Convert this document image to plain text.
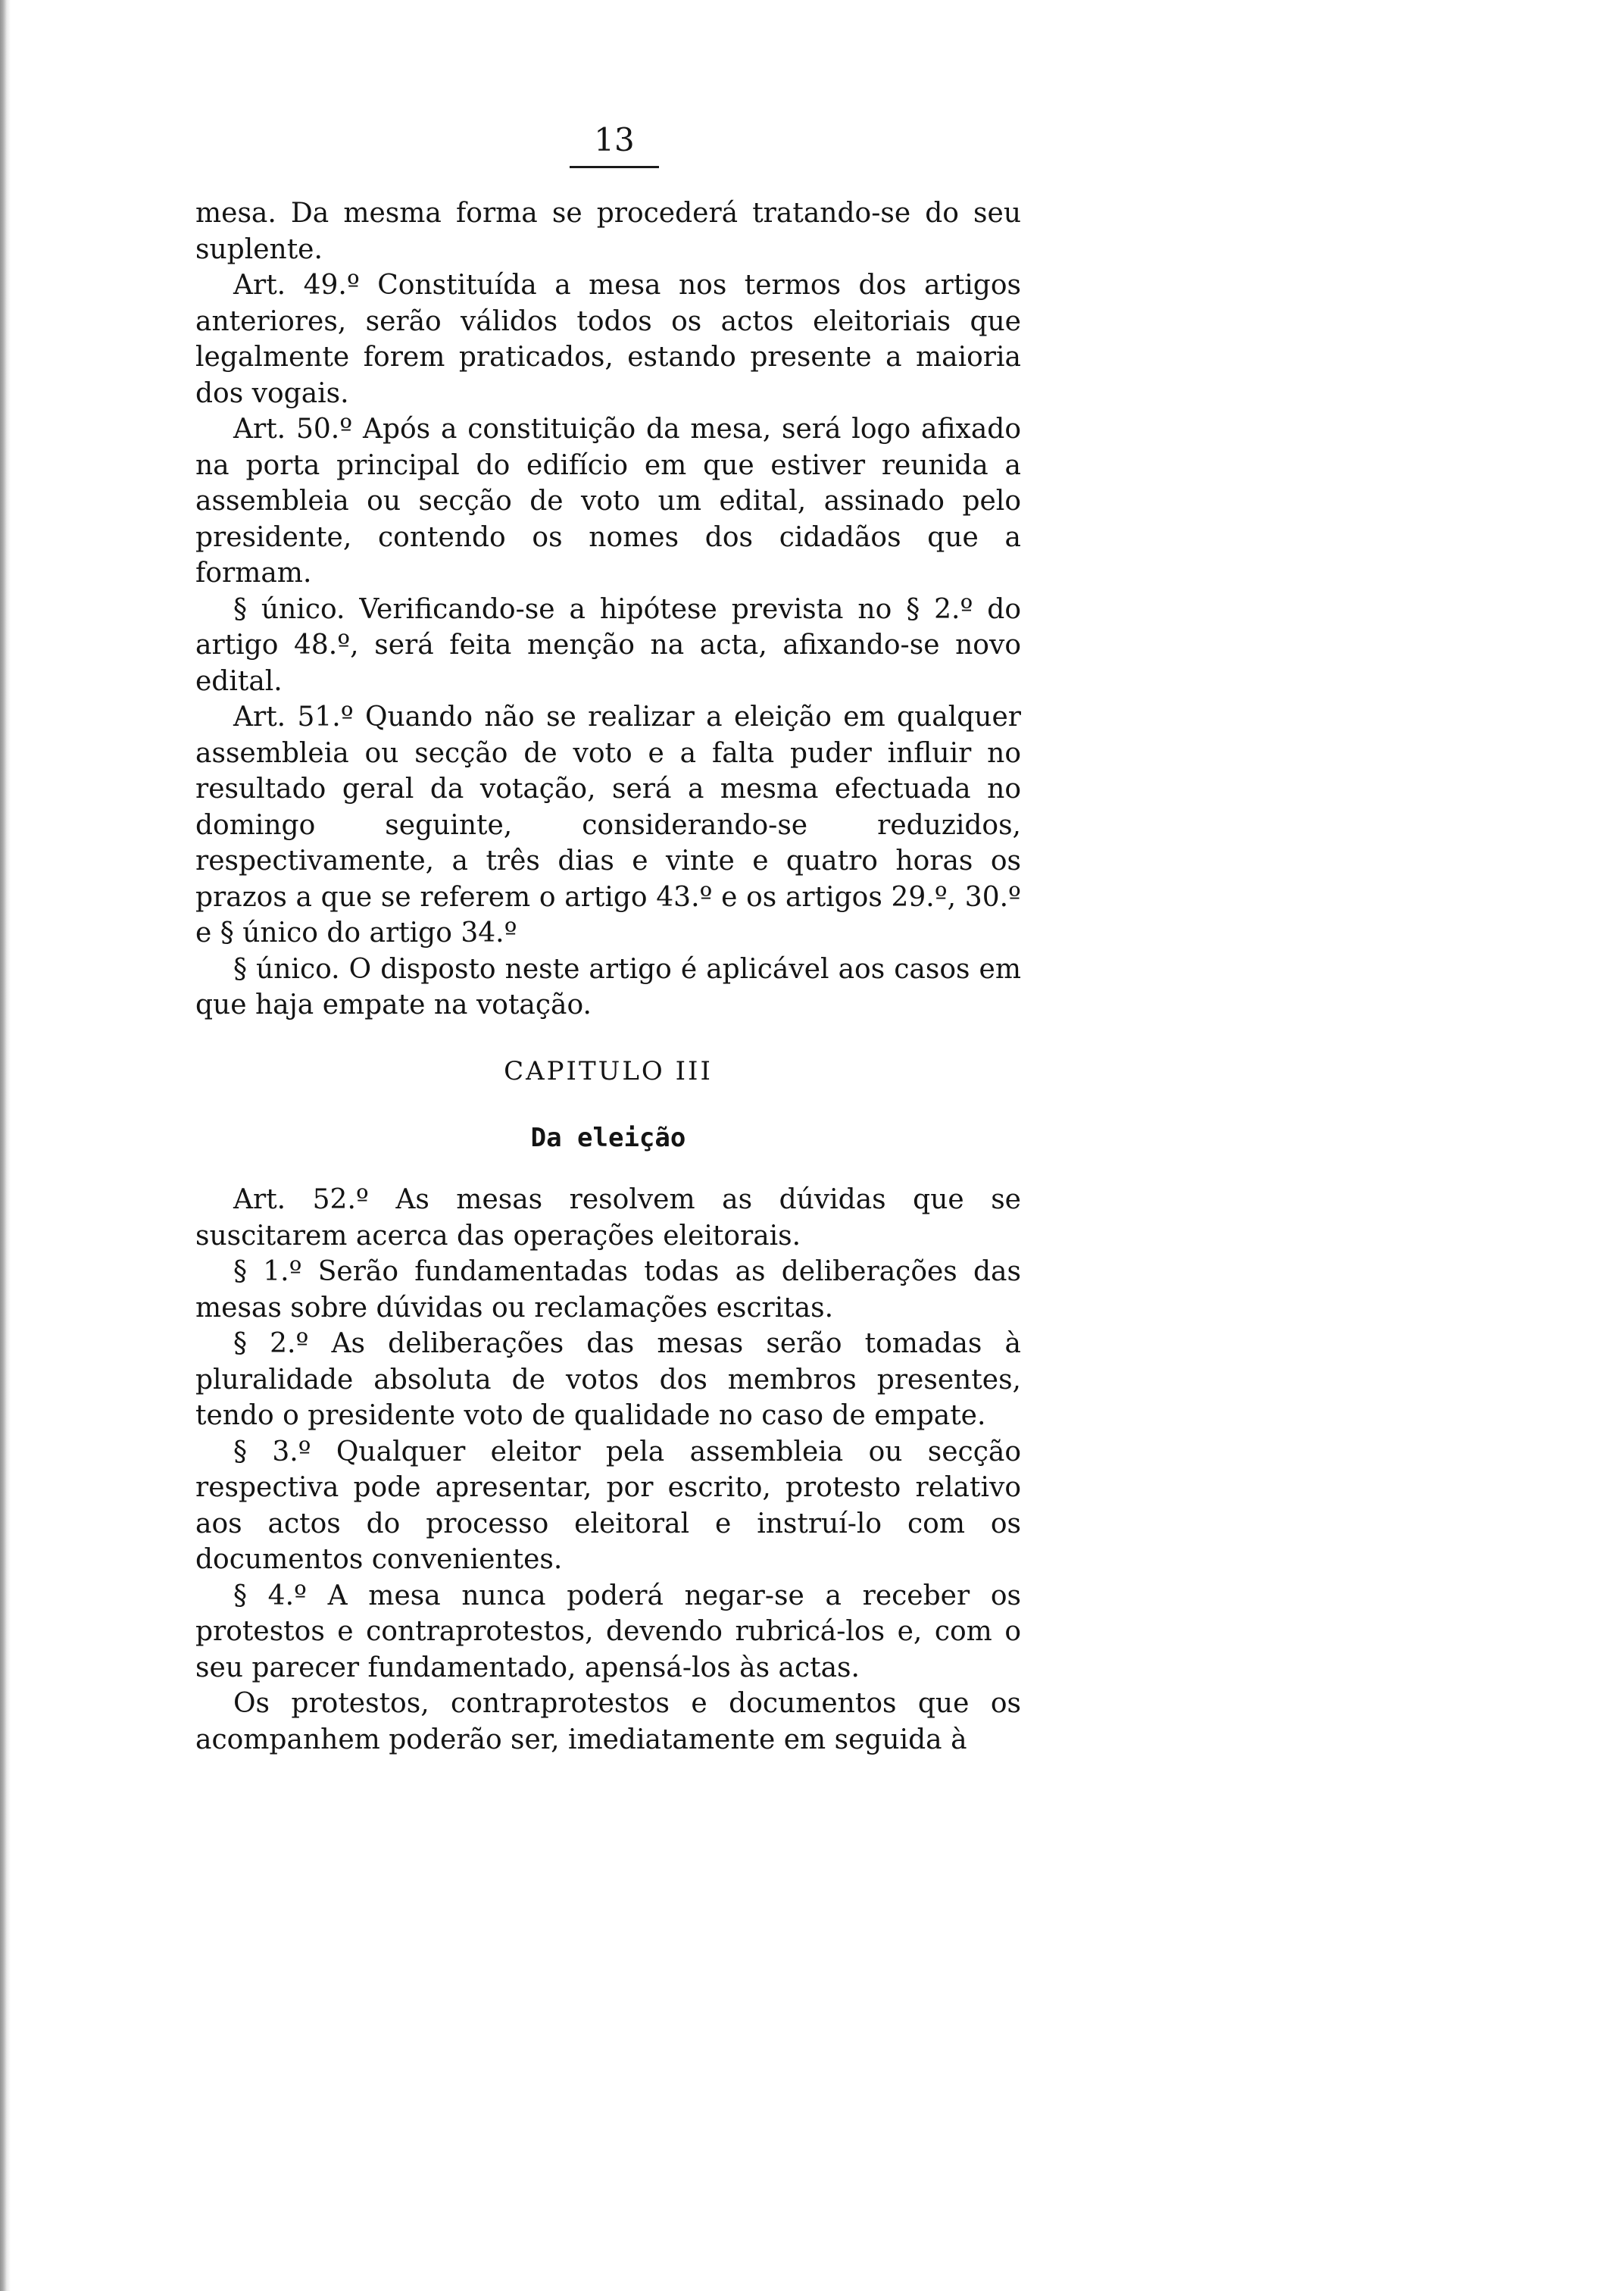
13

mesa. Da mesma forma se procederá tratando-se do seu suplente.

Art. 49.º Constituída a mesa nos termos dos artigos anteriores, serão válidos todos os actos eleitoriais que legalmente forem praticados, estando presente a maioria dos vogais.

Art. 50.º Após a constituição da mesa, será logo afixado na porta principal do edifício em que estiver reunida a assembleia ou secção de voto um edital, assinado pelo presidente, contendo os nomes dos cidadãos que a formam.

§ único. Verificando-se a hipótese prevista no § 2.º do artigo 48.º, será feita menção na acta, afixando-se novo edital.

Art. 51.º Quando não se realizar a eleição em qualquer assembleia ou secção de voto e a falta puder influir no resultado geral da votação, será a mesma efectuada no domingo seguinte, considerando-se reduzidos, respectivamente, a três dias e vinte e quatro horas os prazos a que se referem o artigo 43.º e os artigos 29.º, 30.º e § único do artigo 34.º

§ único. O disposto neste artigo é aplicável aos casos em que haja empate na votação.

CAPITULO III
Da eleição

Art. 52.º As mesas resolvem as dúvidas que se suscitarem acerca das operações eleitorais.

§ 1.º Serão fundamentadas todas as deliberações das mesas sobre dúvidas ou reclamações escritas.

§ 2.º As deliberações das mesas serão tomadas à pluralidade absoluta de votos dos membros presentes, tendo o presidente voto de qualidade no caso de empate.

§ 3.º Qualquer eleitor pela assembleia ou secção respectiva pode apresentar, por escrito, protesto relativo aos actos do processo eleitoral e instruí-lo com os documentos convenientes.

§ 4.º A mesa nunca poderá negar-se a receber os protestos e contraprotestos, devendo rubricá-los e, com o seu parecer fundamentado, apensá-los às actas.

Os protestos, contraprotestos e documentos que os acompanhem poderão ser, imediatamente em seguida à
